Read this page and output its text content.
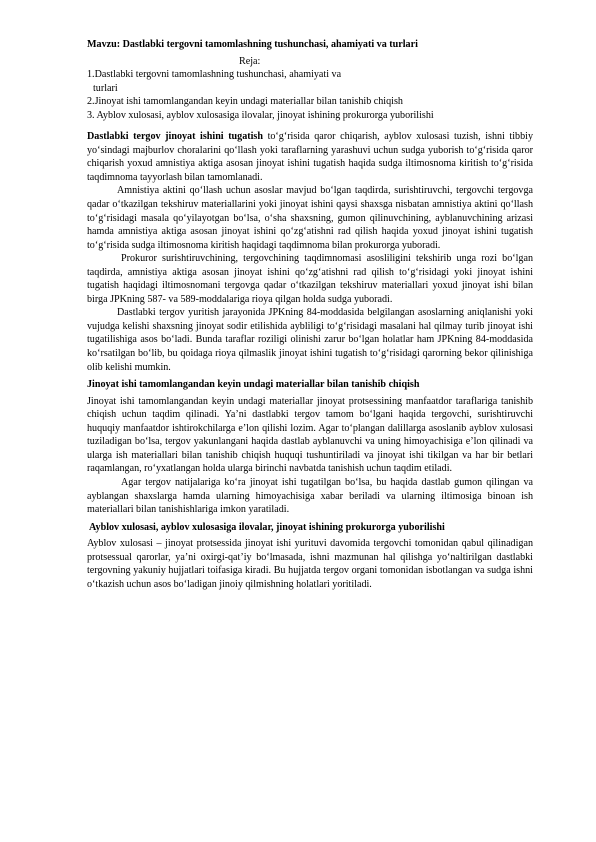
Mavzu: Dastlabki tergovni tamomlashning tushunchasi, ahamiyati va turlari

Reja:

1.Dastlabki tergovni tamomlashning tushunchasi, ahamiyati va

turlari

2.Jinoyat ishi tamomlangandan keyin undagi materiallar bilan tanishib chiqish

3. Ayblov xulosasi, ayblov xulosasiga ilovalar, jinoyat ishining prokurorga yuborilishi

Dastlabki tergov jinoyat ishini tugatish to‘g‘risida qaror chiqarish, ayblov xulosasi tuzish, ishni tibbiy yo‘sindagi majburlov choralarini qo‘llash yoki taraflarning yarashuvi uchun sudga yuborish to‘g‘risida qaror chiqarish yoxud amnistiya aktiga asosan jinoyat ishini tugatish haqida sudga iltimosnoma kiritish to‘g‘risida taqdimnoma tayyorlash bilan tamomlanadi.

Amnistiya aktini qo‘llash uchun asoslar mavjud bo‘lgan taqdirda, surishtiruvchi, tergovchi tergovga qadar o‘tkazilgan tekshiruv materiallarini yoki jinoyat ishini qaysi shaxsga nisbatan amnistiya aktini qo‘llash to‘g‘risidagi masala qo‘yilayotgan bo‘lsa, o‘sha shaxsning, gumon qilinuvchining, ayblanuvchining arizasi hamda amnistiya aktiga asosan jinoyat ishini qo‘zg‘atishni rad qilish haqida yoxud jinoyat ishini tugatish to‘g‘risida sudga iltimosnoma kiritish haqidagi taqdimnoma bilan prokurorga yuboradi.

Prokuror surishtiruvchining, tergovchining taqdimnomasi asosliligini tekshirib unga rozi bo‘lgan taqdirda, amnistiya aktiga asosan jinoyat ishini qo‘zg‘atishni rad qilish to‘g‘risidagi yoki jinoyat ishini tugatish haqidagi iltimosnomani tergovga qadar o‘tkazilgan tekshiruv materiallari yoxud jinoyat ishi bilan birga JPKning 587- va 589-moddalariga rioya qilgan holda sudga yuboradi.

Dastlabki tergov yuritish jarayonida JPKning 84-moddasida belgilangan asoslarning aniqlanishi yoki vujudga kelishi shaxsning jinoyat sodir etilishida aybliligi to‘g‘risidagi masalani hal qilmay turib jinoyat ishi tugatilishiga asos bo‘ladi. Bunda taraflar roziligi olinishi zarur bo‘lgan holatlar ham JPKning 84-moddasida ko‘rsatilgan bo‘lib, bu qoidaga rioya qilmaslik jinoyat ishini tugatish to‘g‘risidagi qarorning bekor qilinishiga olib kelishi mumkin.

Jinoyat ishi tamomlangandan keyin undagi materiallar bilan tanishib chiqish

Jinoyat ishi tamomlangandan keyin undagi materiallar jinoyat protsessining manfaatdor taraflariga tanishib chiqish uchun taqdim qilinadi. Ya’ni dastlabki tergov tamom bo‘lgani haqida tergovchi, surishtiruvchi huquqiy manfaatdor ishtirokchilarga e’lon qilishi lozim. Agar to‘plangan dalillarga asoslanib ayblov xulosasi tuziladigan bo‘lsa, tergov yakunlangani haqida dastlab ayblanuvchi va uning himoyachisiga e’lon qilinadi va ularga ish materiallari bilan tanishib chiqish huquqi tushuntiriladi va jinoyat ishi tikilgan va har bir betlari raqamlangan, ro‘yxatlangan holda ularga birinchi navbatda tanishish uchun taqdim etiladi.

Agar tergov natijalariga ko‘ra jinoyat ishi tugatilgan bo‘lsa, bu haqida dastlab gumon qilingan va ayblangan shaxslarga hamda ularning himoyachisiga xabar beriladi va ularning iltimosiga binoan ish materiallari bilan tanishishlariga imkon yaratiladi.

Ayblov xulosasi, ayblov xulosasiga ilovalar, jinoyat ishining prokurorga yuborilishi

Ayblov xulosasi – jinoyat protsessida jinoyat ishi yurituvi davomida tergovchi tomonidan qabul qilinadigan protsessual qarorlar, ya’ni oxirgi-qat’iy bo‘lmasada, ishni mazmunan hal qilishga yo‘naltirilgan dastlabki tergovning yakuniy hujjatlari toifasiga kiradi. Bu hujjatda tergov organi tomonidan isbotlangan va sudga ishni o‘tkazish uchun asos bo‘ladigan jinoiy qilmishning holatlari yoritiladi.
